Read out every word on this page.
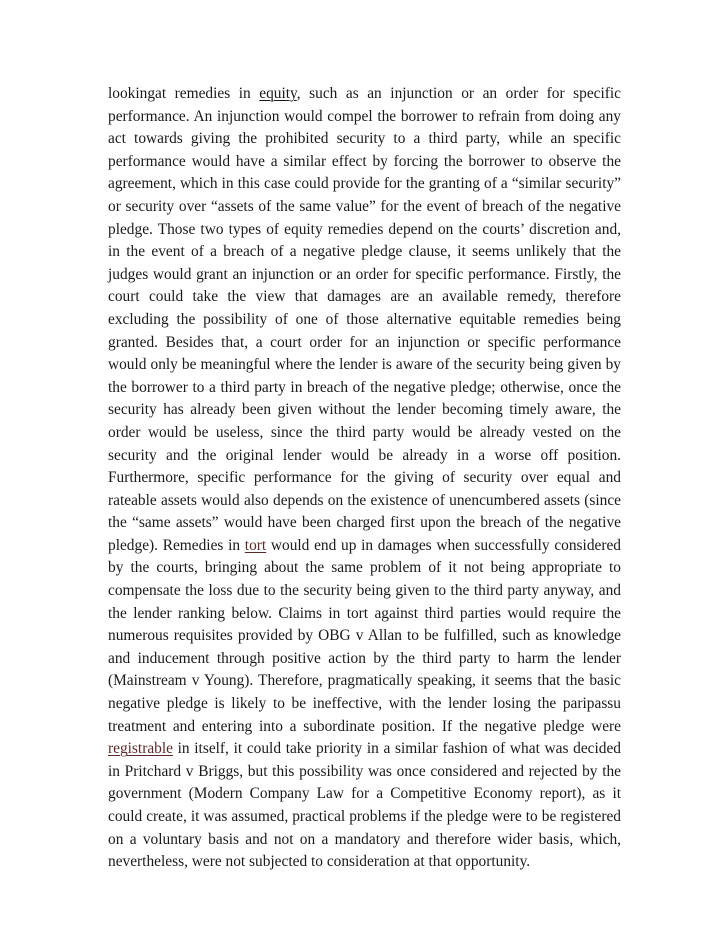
lookingat remedies in equity, such as an injunction or an order for specific performance. An injunction would compel the borrower to refrain from doing any act towards giving the prohibited security to a third party, while an specific performance would have a similar effect by forcing the borrower to observe the agreement, which in this case could provide for the granting of a “similar security” or security over “assets of the same value” for the event of breach of the negative pledge. Those two types of equity remedies depend on the courts’ discretion and, in the event of a breach of a negative pledge clause, it seems unlikely that the judges would grant an injunction or an order for specific performance. Firstly, the court could take the view that damages are an available remedy, therefore excluding the possibility of one of those alternative equitable remedies being granted. Besides that, a court order for an injunction or specific performance would only be meaningful where the lender is aware of the security being given by the borrower to a third party in breach of the negative pledge; otherwise, once the security has already been given without the lender becoming timely aware, the order would be useless, since the third party would be already vested on the security and the original lender would be already in a worse off position. Furthermore, specific performance for the giving of security over equal and rateable assets would also depends on the existence of unencumbered assets (since the “same assets” would have been charged first upon the breach of the negative pledge). Remedies in tort would end up in damages when successfully considered by the courts, bringing about the same problem of it not being appropriate to compensate the loss due to the security being given to the third party anyway, and the lender ranking below. Claims in tort against third parties would require the numerous requisites provided by OBG v Allan to be fulfilled, such as knowledge and inducement through positive action by the third party to harm the lender (Mainstream v Young). Therefore, pragmatically speaking, it seems that the basic negative pledge is likely to be ineffective, with the lender losing the paripassu treatment and entering into a subordinate position. If the negative pledge were registrable in itself, it could take priority in a similar fashion of what was decided in Pritchard v Briggs, but this possibility was once considered and rejected by the government (Modern Company Law for a Competitive Economy report), as it could create, it was assumed, practical problems if the pledge were to be registered on a voluntary basis and not on a mandatory and therefore wider basis, which, nevertheless, were not subjected to consideration at that opportunity.
